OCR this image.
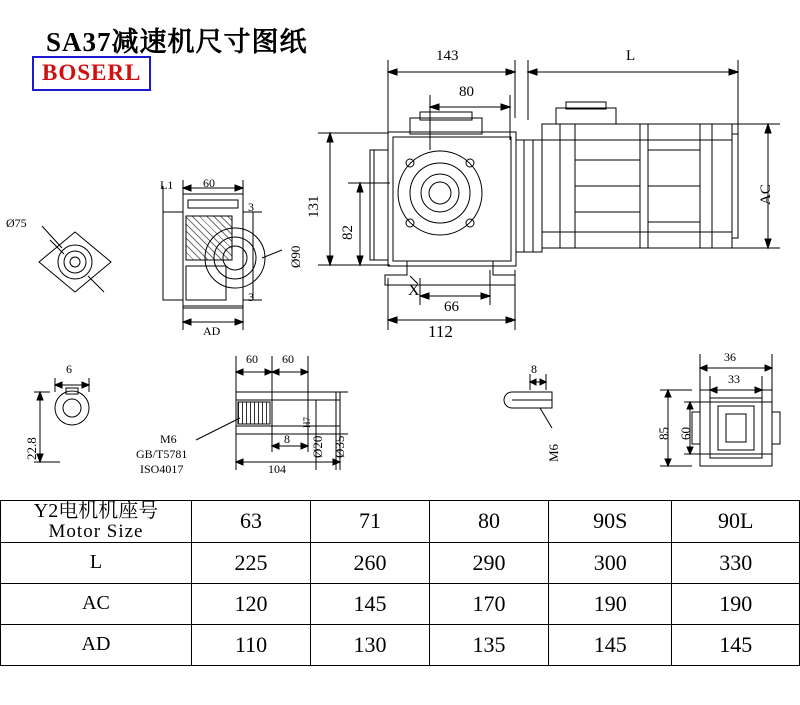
SA37减速机尺寸图纸
BOSERL
143
80
L
131
82
AC
66
112
X
L1 60
3
3
Ø90
AD
Ø75
6
22.8
60 60
M6
GB/T5781
ISO4017
8
104
Ø20
H7
Ø35
8
M6
36
33
85 60
Y2电机机座号
Motor Size	63	71	80	90S	90L
L	225	260	290	300	330
AC	120	145	170	190	190
AD	110	130	135	145	145
